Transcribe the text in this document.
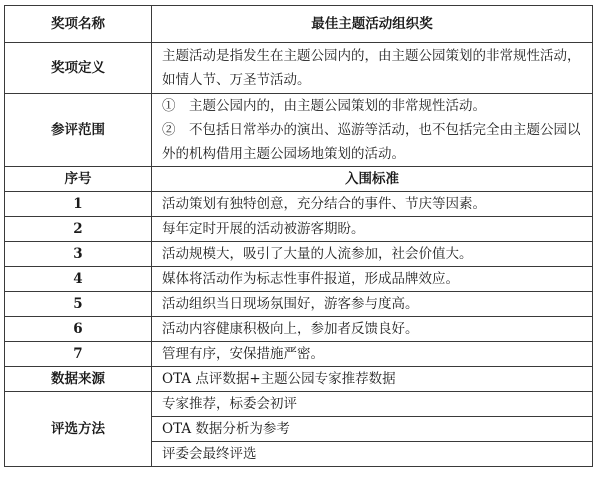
奖项名称	最佳主题活动组织奖
奖项定义	主题活动是指发生在主题公园内的，由主题公园策划的非常规性活动，如情人节、万圣节活动。
参评范围	①　主题公园内的，由主题公园策划的非常规性活动。
②　不包括日常举办的演出、巡游等活动，也不包括完全由主题公园以外的机构借用主题公园场地策划的活动。

序号	入围标准
1	活动策划有独特创意，充分结合的事件、节庆等因素。
2	每年定时开展的活动被游客期盼。
3	活动规模大，吸引了大量的人流参加，社会价值大。
4	媒体将活动作为标志性事件报道，形成品牌效应。
5	活动组织当日现场氛围好，游客参与度高。
6	活动内容健康积极向上，参加者反馈良好。
7	管理有序，安保措施严密。
数据来源	OTA 点评数据+主题公园专家推荐数据
评选方法	专家推荐，标委会初评
	OTA 数据分析为参考
	评委会最终评选
